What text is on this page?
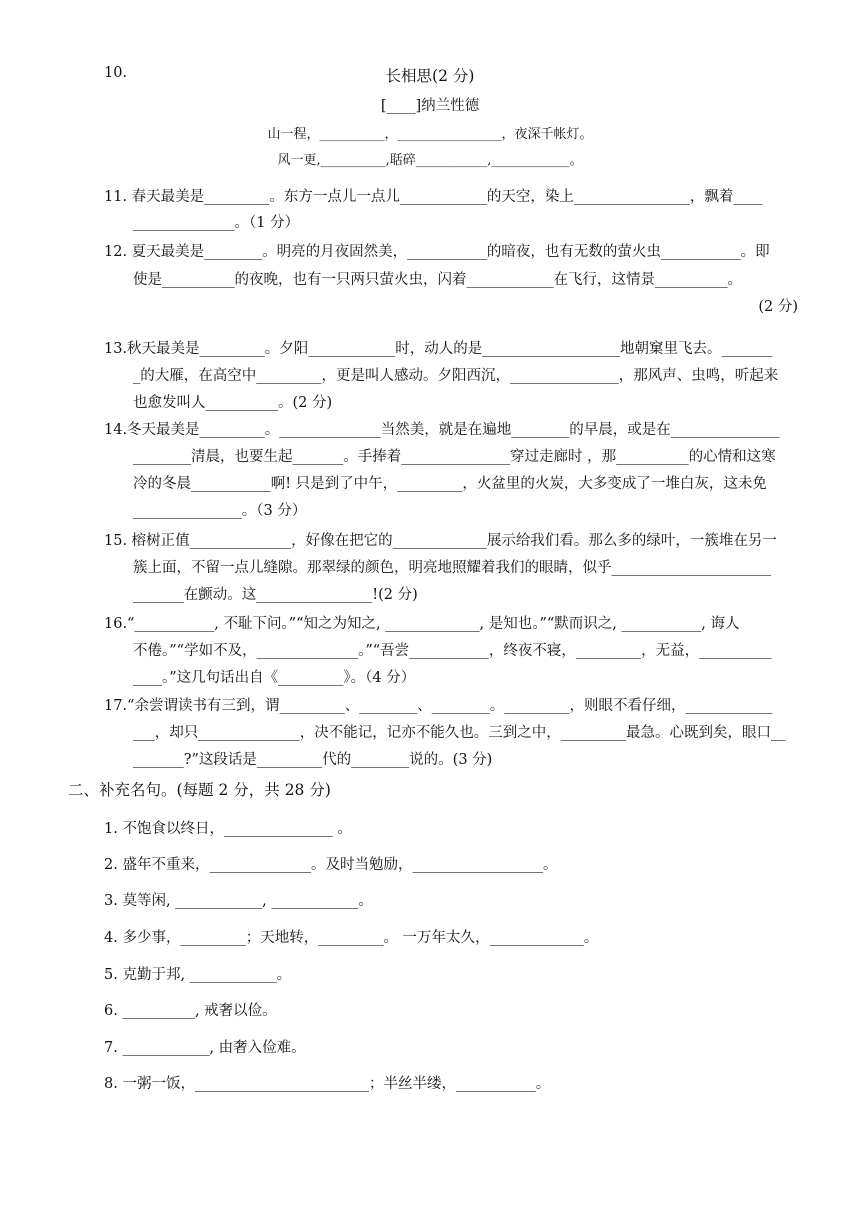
10.	长相思(2 分)
[____]纳兰性德
山一程，__________，________________，夜深千帐灯。
风一更,__________,聒碎___________,____________。
11. 春天最美是_________。东方一点儿一点儿____________的天空，染上________________，飘着____
______________。（1 分）
12. 夏天最美是________。明亮的月夜固然美，___________的暗夜，也有无数的萤火虫___________。即
使是__________的夜晚，也有一只两只萤火虫，闪着____________在飞行，这情景__________。
(2 分)
13.秋天最美是_________。夕阳____________时，动人的是___________________地朝窠里飞去。_______
_的大雁，在高空中_________，更是叫人感动。夕阳西沉，_______________，那风声、虫鸣，听起来
也愈发叫人__________。(2 分)
14.冬天最美是_________。______________当然美，就是在遍地________的早晨，或是在_______________
________清晨，也要生起_______。手捧着_______________穿过走廊时 ，那__________的心情和这寒
冷的冬晨___________啊! 只是到了中午，_________，火盆里的火炭，大多变成了一堆白灰，这未免
_______________。（3 分）
15. 榕树正值______________，好像在把它的_____________展示给我们看。那么多的绿叶，一簇堆在另一
簇上面，不留一点儿缝隙。那翠绿的颜色，明亮地照耀着我们的眼睛，似乎______________________
_______在颤动。这________________!(2 分)
16.“___________, 不耻下问。”“知之为知之, _____________, 是知也。”“默而识之, ___________, 诲人
不倦。”“学如不及，______________。”“吾尝___________，终夜不寝，_________，无益，__________
____。”这几句话出自《_________》。（4 分）
17.“余尝谓读书有三到，谓_________、________、________。_________，则眼不看仔细，____________
___，却只______________，决不能记，记亦不能久也。三到之中，_________最急。心既到矣，眼口__
_______?”这段话是_________代的________说的。(3 分)
二、补充名句。(每题 2 分，共 28 分)
1. 不饱食以终日，_______________ 。
2. 盛年不重来，______________。及时当勉励，__________________。
3. 莫等闲, ____________, ____________。
4. 多少事，_________；天地转，_________。 一万年太久，_____________。
5. 克勤于邦, ____________。
6. __________, 戒奢以俭。
7. ____________, 由奢入俭难。
8. 一粥一饭，________________________；半丝半缕，___________。
